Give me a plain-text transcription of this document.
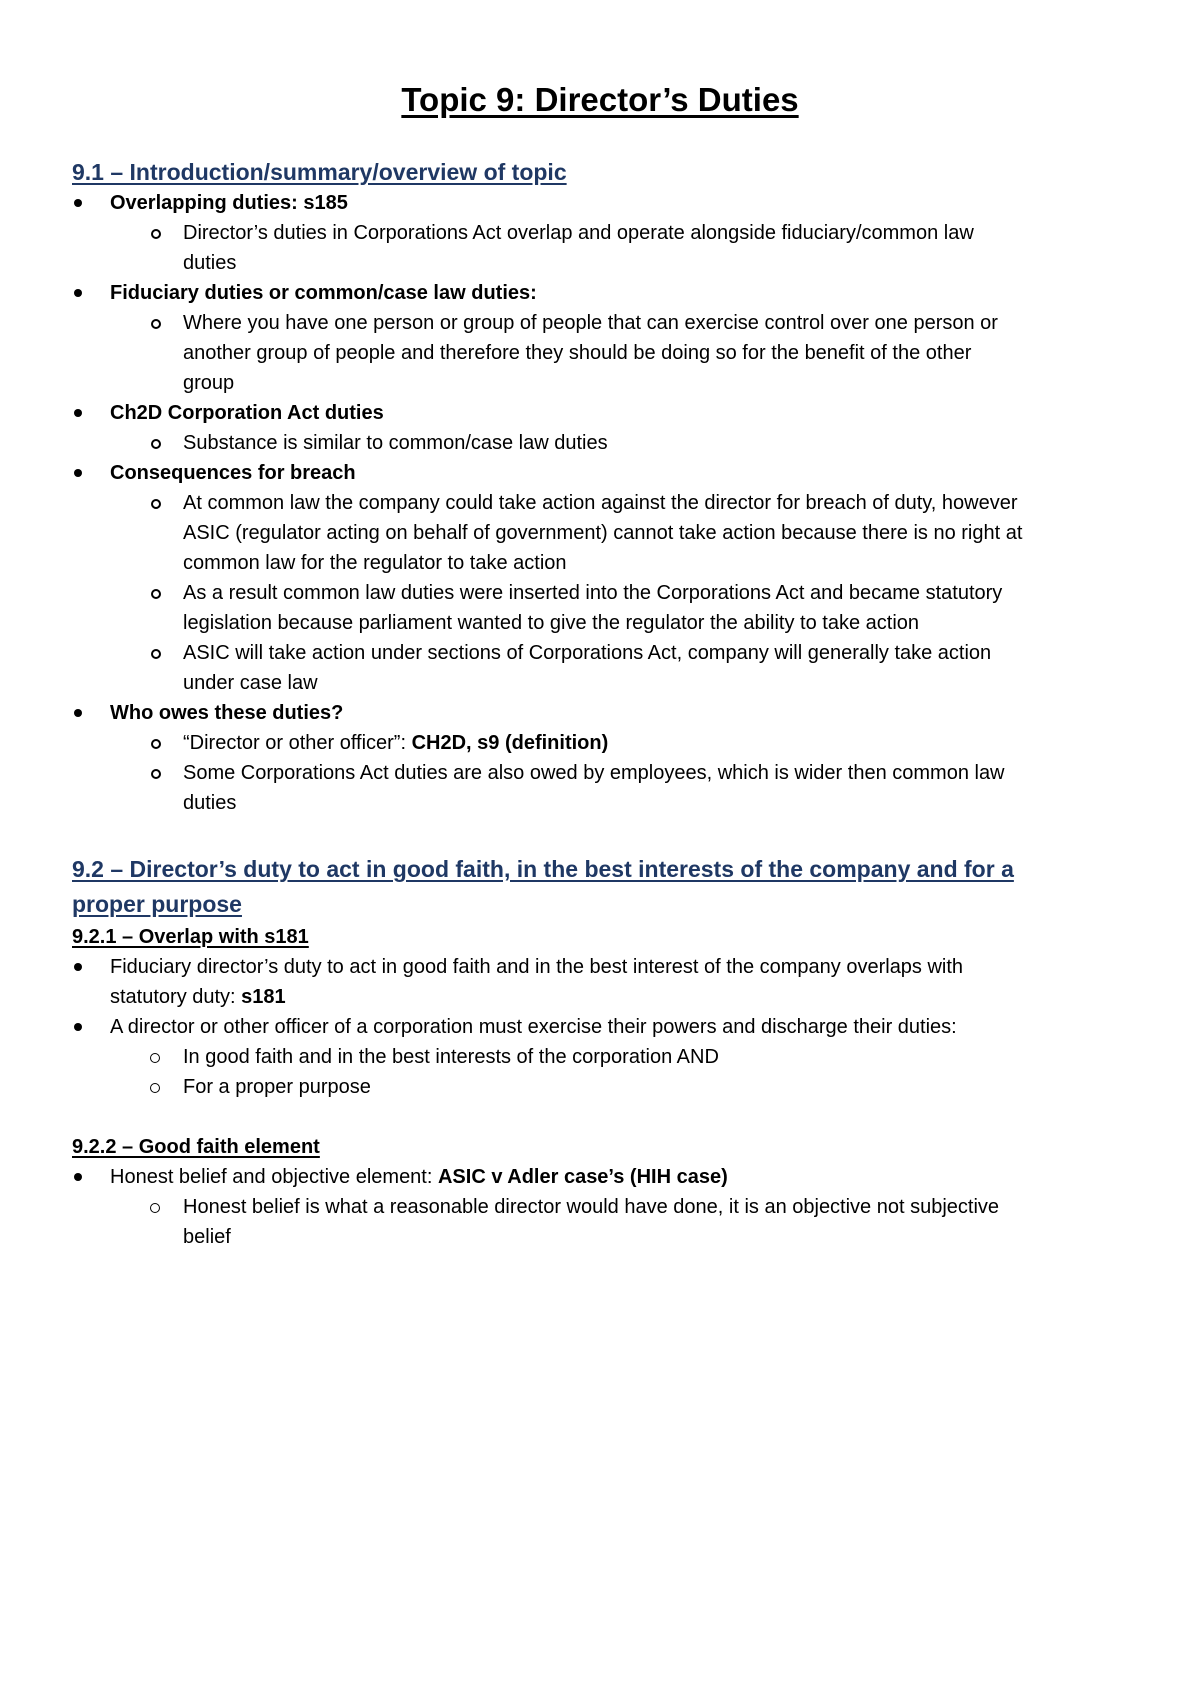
Topic 9: Director’s Duties
9.1 – Introduction/summary/overview of topic
Overlapping duties: s185
Director’s duties in Corporations Act overlap and operate alongside fiduciary/common law
duties
Fiduciary duties or common/case law duties:
Where you have one person or group of people that can exercise control over one person or
another group of people and therefore they should be doing so for the benefit of the other
group
Ch2D Corporation Act duties
Substance is similar to common/case law duties
Consequences for breach
At common law the company could take action against the director for breach of duty, however
ASIC (regulator acting on behalf of government) cannot take action because there is no right at
common law for the regulator to take action
As a result common law duties were inserted into the Corporations Act and became statutory
legislation because parliament wanted to give the regulator the ability to take action
ASIC will take action under sections of Corporations Act, company will generally take action
under case law
Who owes these duties?
“Director or other officer”: CH2D, s9 (definition)
Some Corporations Act duties are also owed by employees, which is wider then common law
duties
9.2 – Director’s duty to act in good faith, in the best interests of the company and for a
proper purpose
9.2.1 – Overlap with s181
Fiduciary director’s duty to act in good faith and in the best interest of the company overlaps with
statutory duty: s181
A director or other officer of a corporation must exercise their powers and discharge their duties:
In good faith and in the best interests of the corporation AND
For a proper purpose
9.2.2 – Good faith element
Honest belief and objective element: ASIC v Adler case’s (HIH case)
Honest belief is what a reasonable director would have done, it is an objective not subjective
belief
